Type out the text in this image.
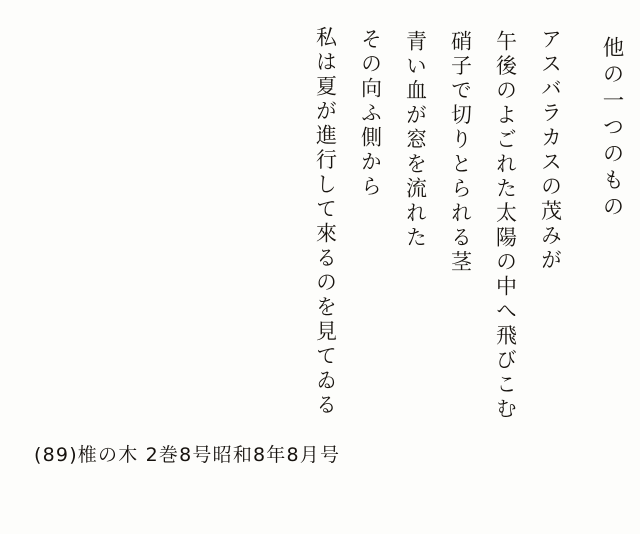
他の一つのもの
アスバラカスの茂みが
午後のよごれた太陽の中へ飛びこむ
硝子で切りとられる茎
青い血が窓を流れた
その向ふ側から
私は夏が進行して來るのを見てゐる
(89)椎の木 2巻8号昭和8年8月号
